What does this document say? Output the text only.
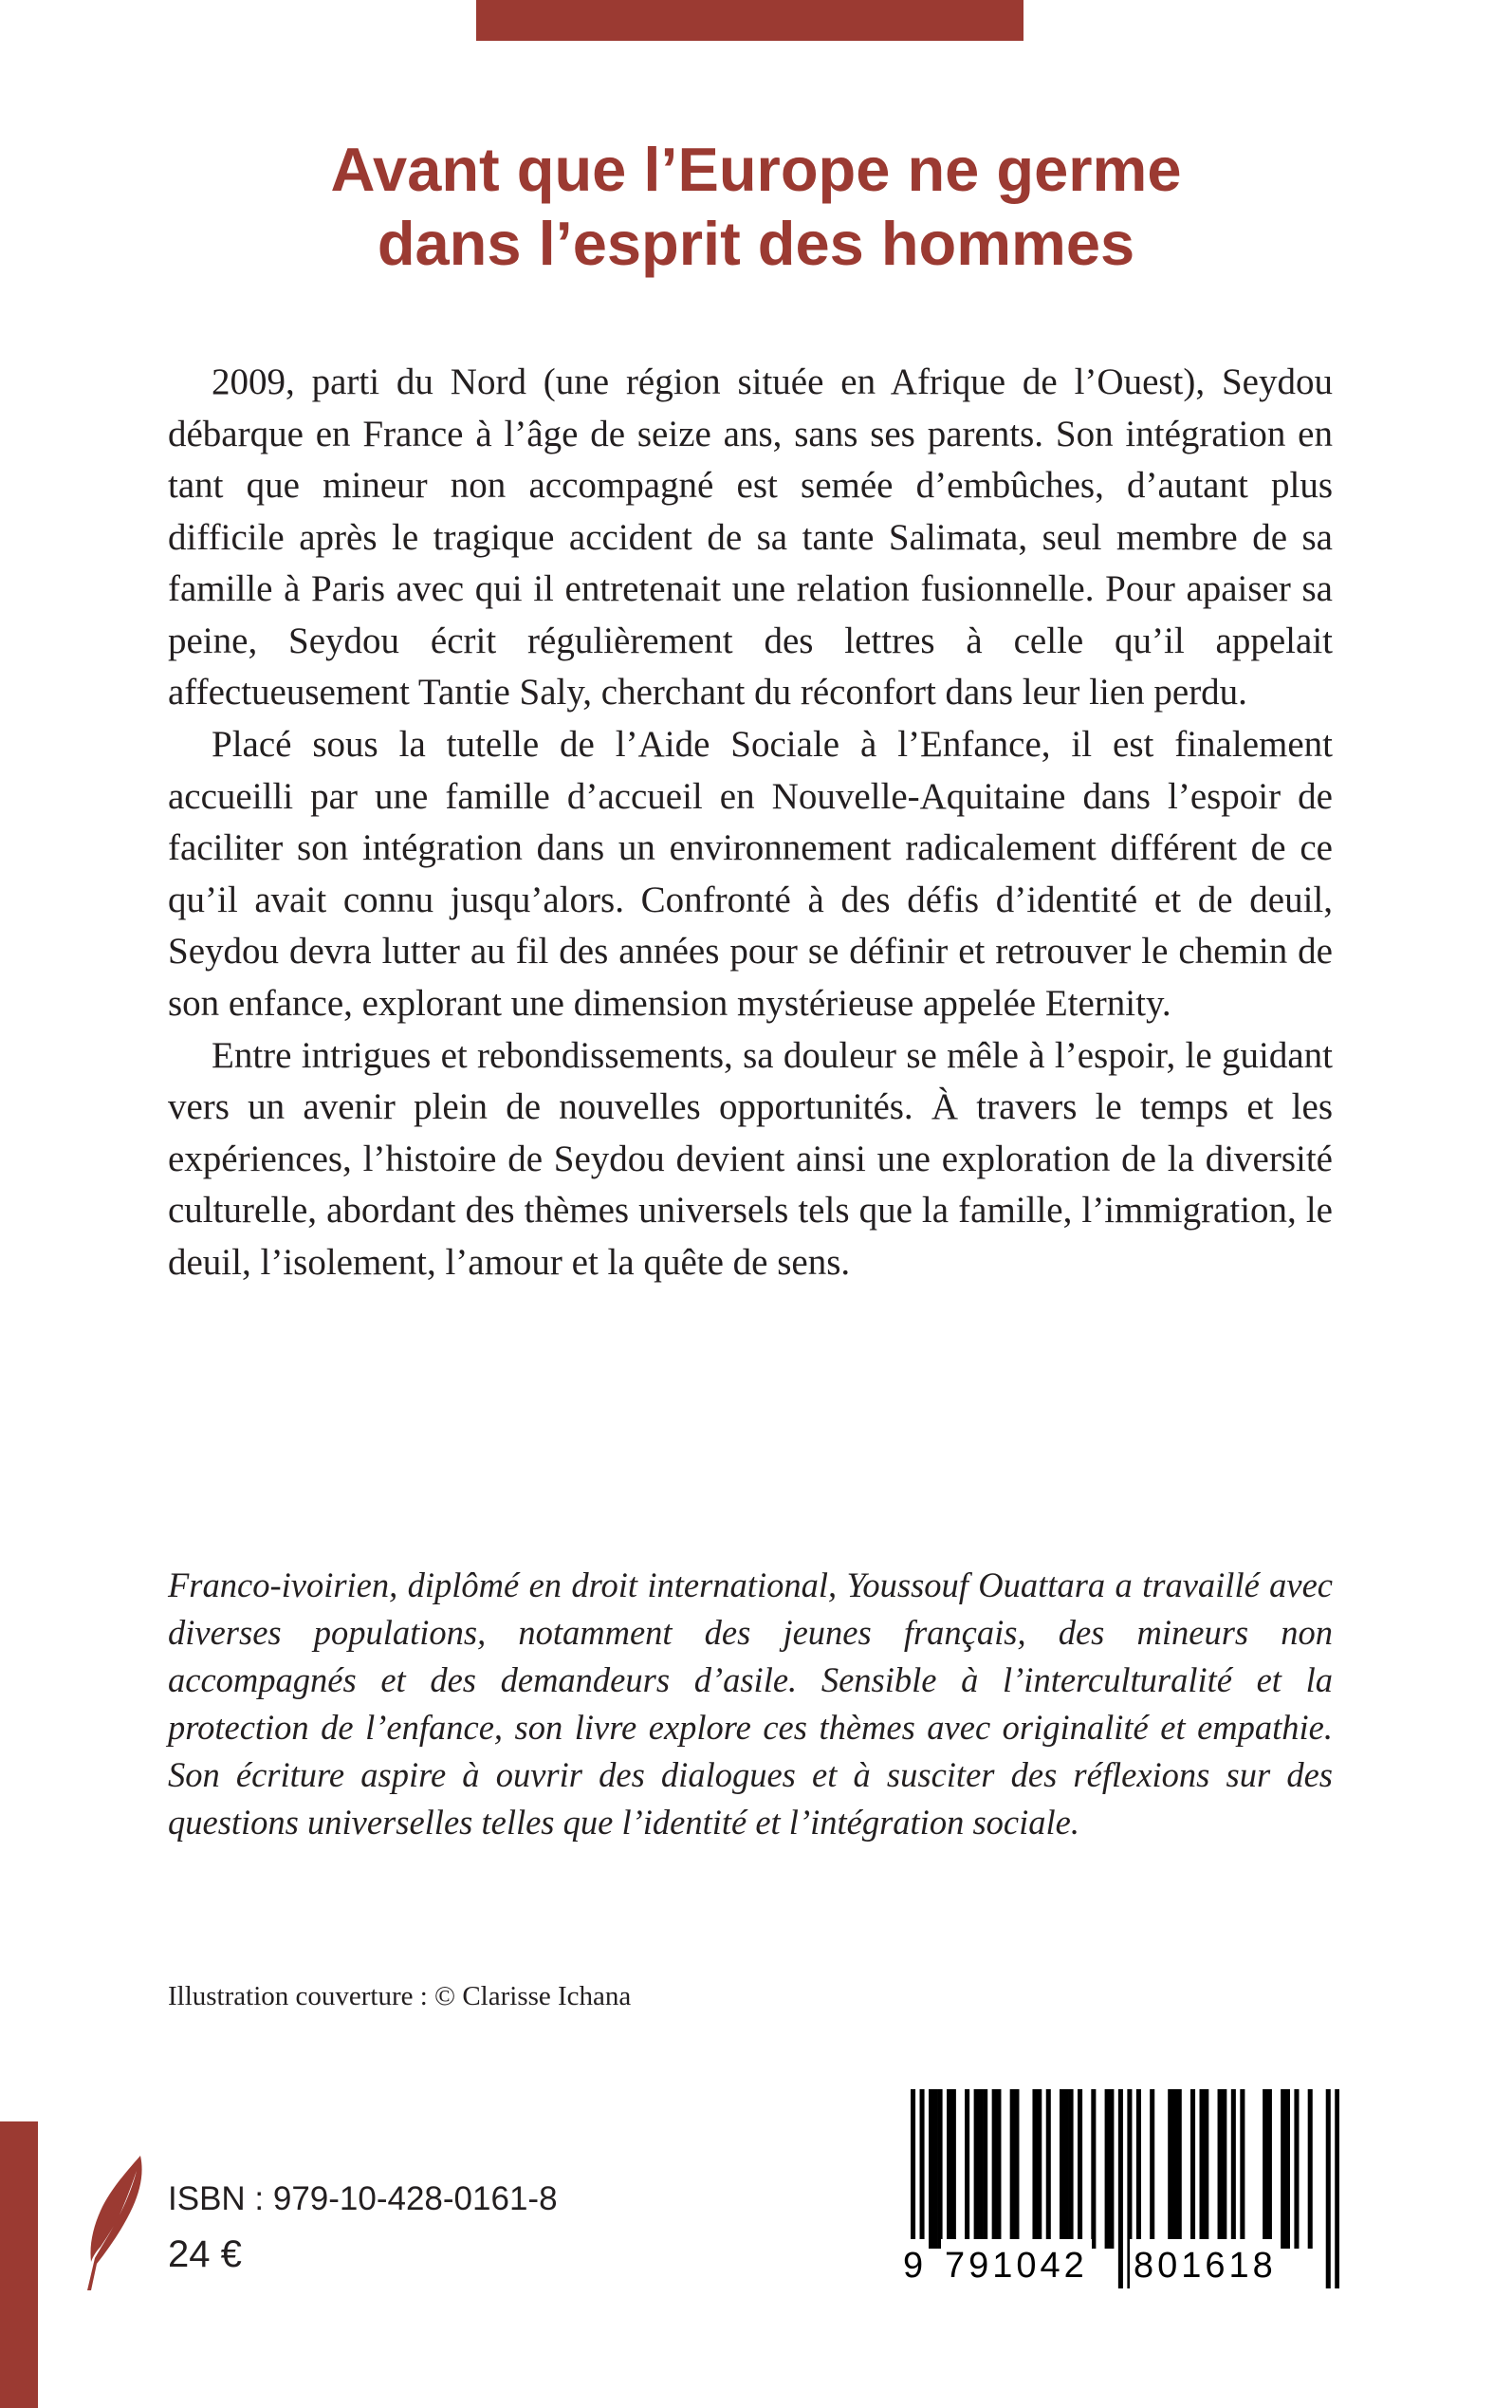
Avant que l’Europe ne germe
dans l’esprit des hommes

2009, parti du Nord (une région située en Afrique de l’Ouest), Seydou débarque en France à l’âge de seize ans, sans ses parents. Son intégration en tant que mineur non accompagné est semée d’embûches, d’autant plus difficile après le tragique accident de sa tante Salimata, seul membre de sa famille à Paris avec qui il entretenait une relation fusionnelle. Pour apaiser sa peine, Seydou écrit régulièrement des lettres à celle qu’il appelait affectueusement Tantie Saly, cherchant du réconfort dans leur lien perdu.

Placé sous la tutelle de l’Aide Sociale à l’Enfance, il est finalement accueilli par une famille d’accueil en Nouvelle-Aquitaine dans l’espoir de faciliter son intégration dans un environnement radicalement différent de ce qu’il avait connu jusqu’alors. Confronté à des défis d’identité et de deuil, Seydou devra lutter au fil des années pour se définir et retrouver le chemin de son enfance, explorant une dimension mystérieuse appelée Eternity.

Entre intrigues et rebondissements, sa douleur se mêle à l’espoir, le guidant vers un avenir plein de nouvelles opportunités. À travers le temps et les expériences, l’histoire de Seydou devient ainsi une exploration de la diversité culturelle, abordant des thèmes universels tels que la famille, l’immigration, le deuil, l’isolement, l’amour et la quête de sens.

Franco-ivoirien, diplômé en droit international, Youssouf Ouattara a travaillé avec diverses populations, notamment des jeunes français, des mineurs non accompagnés et des demandeurs d’asile. Sensible à l’interculturalité et la protection de l’enfance, son livre explore ces thèmes avec originalité et empathie. Son écriture aspire à ouvrir des dialogues et à susciter des réflexions sur des questions universelles telles que l’identité et l’intégration sociale.

Illustration couverture : © Clarisse Ichana

ISBN : 979-10-428-0161-8

24 €	9 791042 801618
